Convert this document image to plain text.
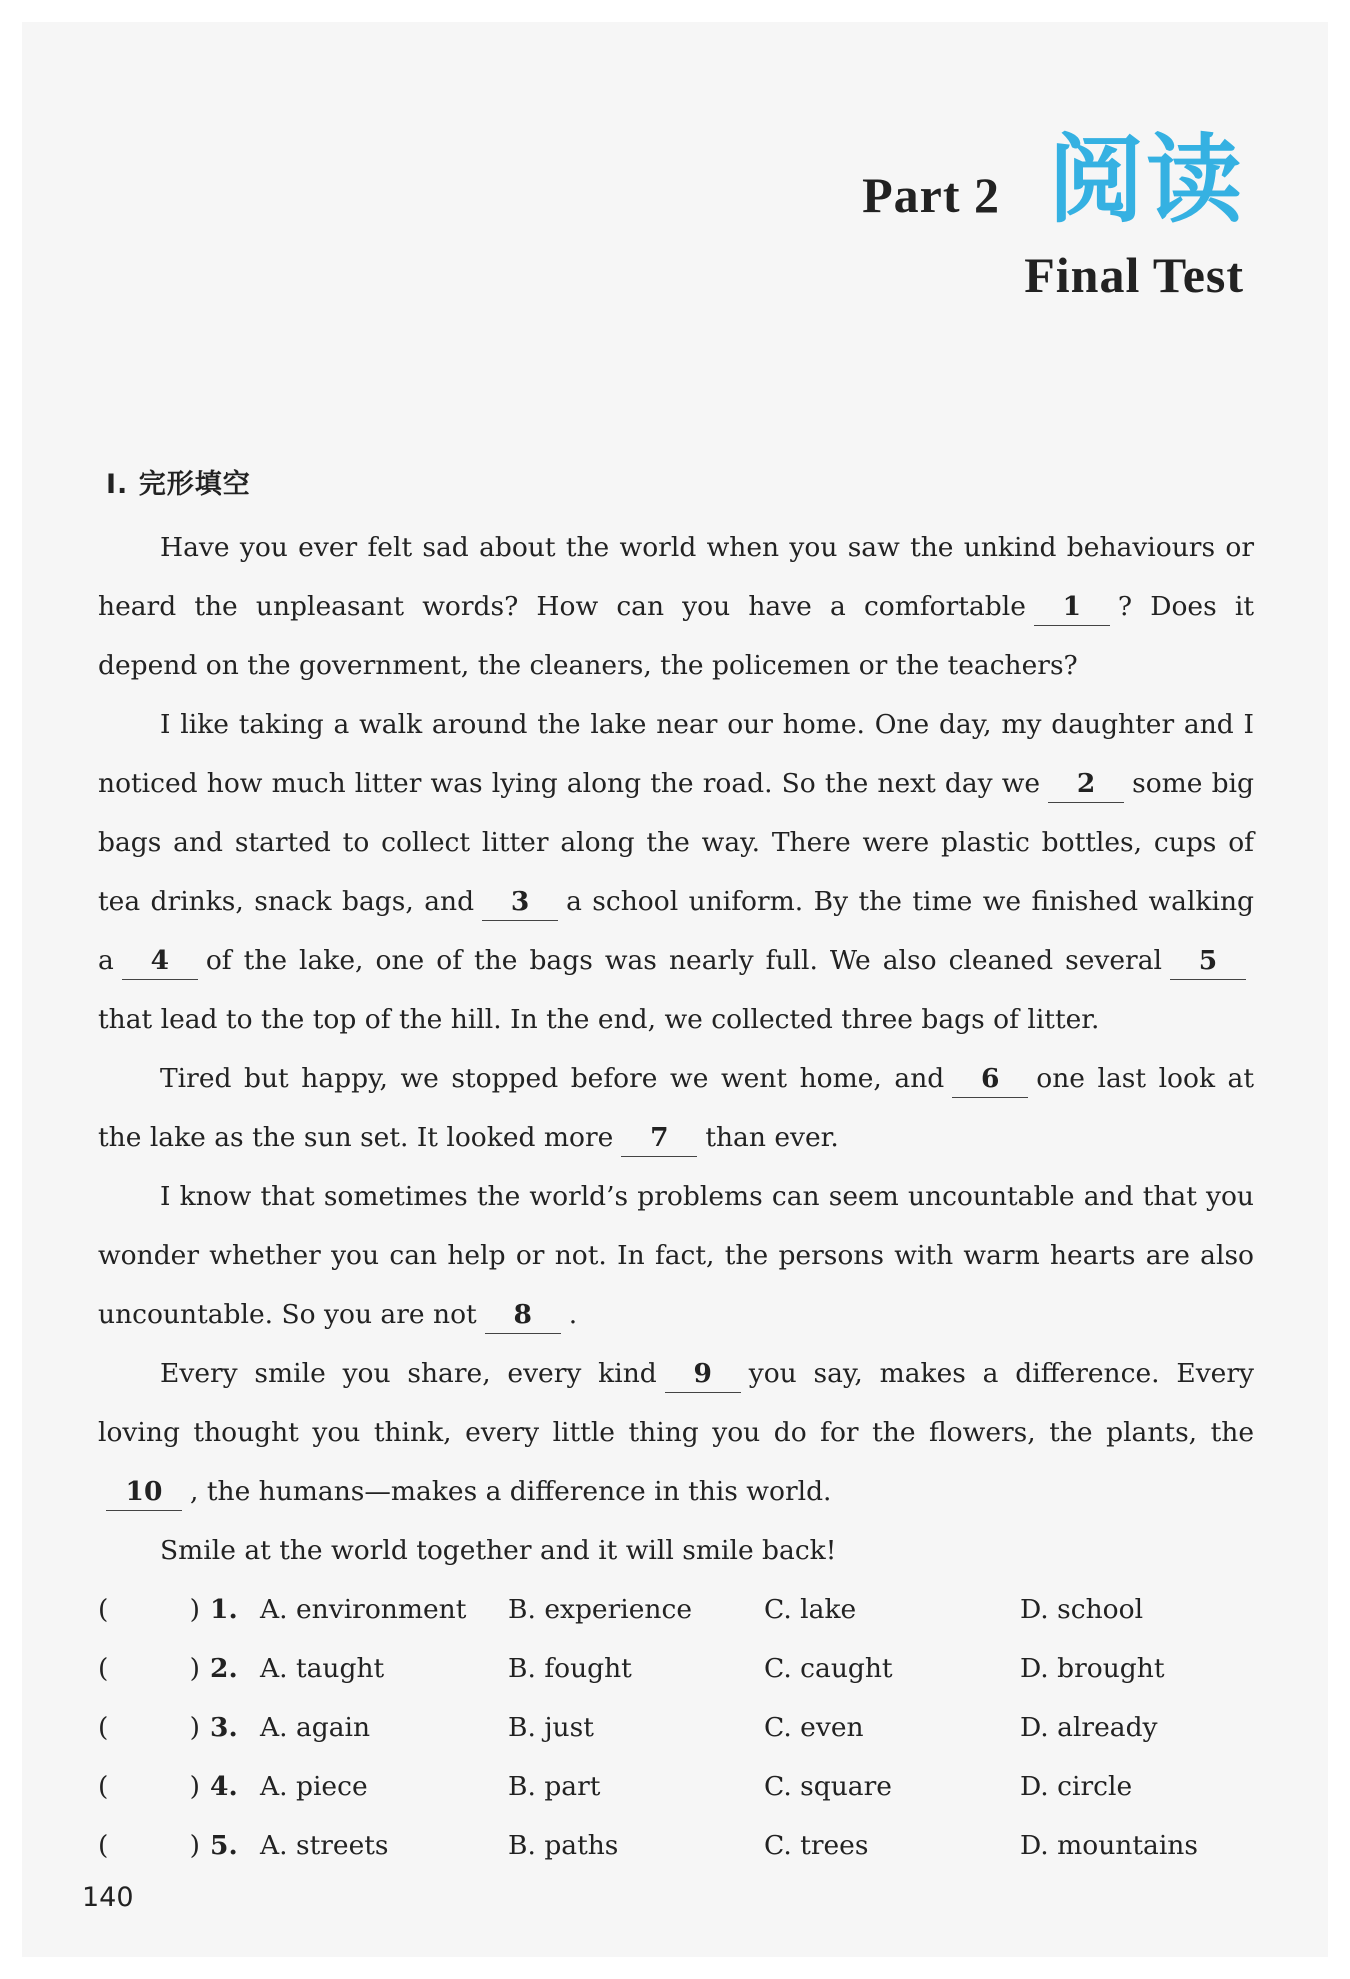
Part 2 阅读
Final Test
Ⅰ. 完形填空

Have you ever felt sad about the world when you saw the unkind behaviours or heard the unpleasant words? How can you have a comfortable 1 ? Does it depend on the government, the cleaners, the policemen or the teachers?

I like taking a walk around the lake near our home. One day, my daughter and I noticed how much litter was lying along the road. So the next day we 2 some big bags and started to collect litter along the way. There were plastic bottles, cups of tea drinks, snack bags, and 3 a school uniform. By the time we finished walking a 4 of the lake, one of the bags was nearly full. We also cleaned several 5that lead to the top of the hill. In the end, we collected three bags of litter.

Tired but happy, we stopped before we went home, and 6 one last look at the lake as the sun set. It looked more 7 than ever.

I know that sometimes the world’s problems can seem uncountable and that you wonder whether you can help or not. In fact, the persons with warm hearts are also uncountable. So you are not 8 .

Every smile you share, every kind 9 you say, makes a difference. Every loving thought you think, every little thing you do for the flowers, the plants, the10 , the humans—makes a difference in this world.

Smile at the world together and it will smile back!

(	) 1. A. environment	B. experience	C. lake	D. school
(	) 2. A. taught	B. fought	C. caught	D. brought
(	) 3. A. again	B. just	C. even	D. already
(	) 4. A. piece	B. part	C. square	D. circle
(	) 5. A. streets	B. paths	C. trees	D. mountains
140
